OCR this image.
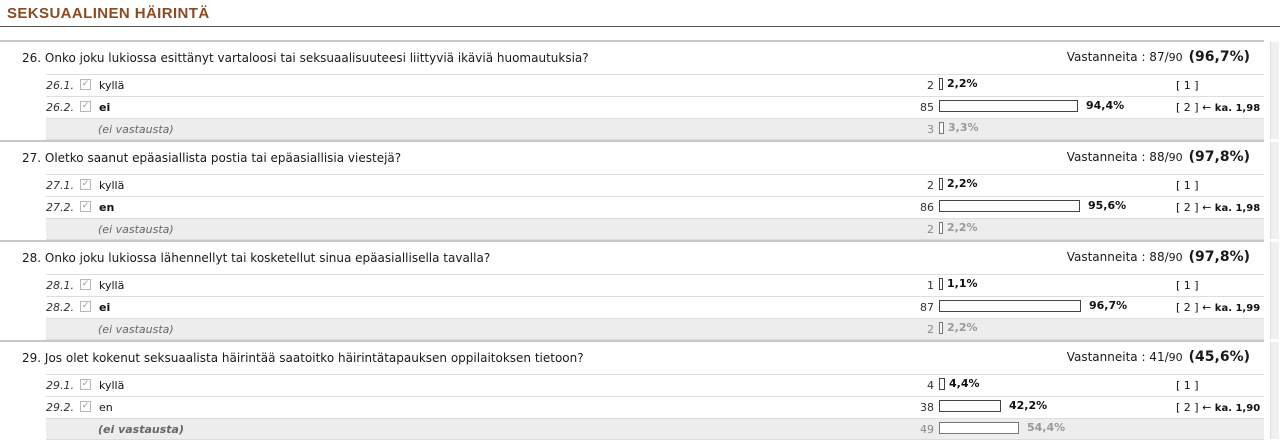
SEKSUAALINEN HÄIRINTÄ
26. Onko joku lukiossa esittänyt vartaloosi tai seksuaalisuuteesi liittyviä ikäviä huomautuksia?	Vastanneita : 87/90 (96,7%)
26.1. ✓ kyllä	2 2,2%	[ 1 ]
26.2. ✓ ei	85	94,4%	[ 2 ] ← ka. 1,98
(ei vastausta)	3 3,3%
27. Oletko saanut epäasiallista postia tai epäasiallisia viestejä?	Vastanneita : 88/90 (97,8%)
27.1. ✓ kyllä	2 2,2%	[ 1 ]
27.2. ✓ en	86	95,6%	[ 2 ] ← ka. 1,98
(ei vastausta)	2 2,2%
28. Onko joku lukiossa lähennellyt tai kosketellut sinua epäasiallisella tavalla?	Vastanneita : 88/90 (97,8%)
28.1. ✓ kyllä	1 1,1%	[ 1 ]
28.2. ✓ ei	87	96,7%	[ 2 ] ← ka. 1,99
(ei vastausta)	2 2,2%
29. Jos olet kokenut seksuaalista häirintää saatoitko häirintätapauksen oppilaitoksen tietoon?	Vastanneita : 41/90 (45,6%)
29.1. ✓ kyllä	4 4,4%	[ 1 ]
29.2. ✓ en	38	42,2%	[ 2 ] ← ka. 1,90
(ei vastausta)	49	54,4%
